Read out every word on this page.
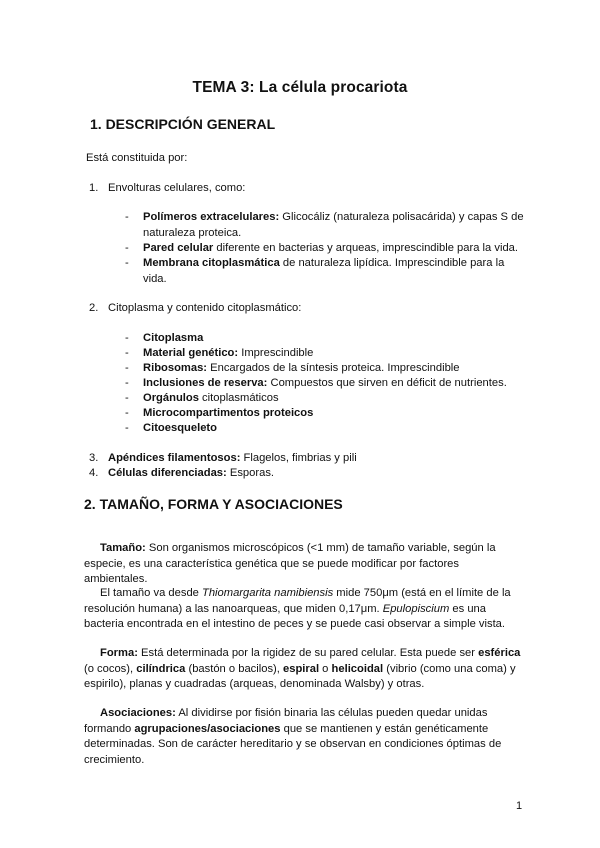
TEMA 3: La célula procariota
1. DESCRIPCIÓN GENERAL

Está constituida por:

1. Envolturas celulares, como:
- Polímeros extracelulares: Glicocáliz (naturaleza polisacárida) y capas S de naturaleza proteica.
- Pared celular diferente en bacterias y arqueas, imprescindible para la vida.
- Membrana citoplasmática de naturaleza lipídica. Imprescindible para la vida.
2. Citoplasma y contenido citoplasmático:
- Citoplasma
- Material genético: Imprescindible
- Ribosomas: Encargados de la síntesis proteica. Imprescindible
- Inclusiones de reserva: Compuestos que sirven en déficit de nutrientes.
- Orgánulos citoplasmáticos
- Microcompartimentos proteicos
- Citoesqueleto
3. Apéndices filamentosos: Flagelos, fimbrias y pili
4. Células diferenciadas: Esporas.
2. TAMAÑO, FORMA Y ASOCIACIONES

Tamaño: Son organismos microscópicos (<1 mm) de tamaño variable, según la especie, es una característica genética que se puede modificar por factores ambientales.

El tamaño va desde Thiomargarita namibiensis mide 750μm (está en el límite de la resolución humana) a las nanoarqueas, que miden 0,17μm. Epulopiscium es una bacteria encontrada en el intestino de peces y se puede casi observar a simple vista.

Forma: Está determinada por la rigidez de su pared celular. Esta puede ser esférica (o cocos), cilíndrica (bastón o bacilos), espiral o helicoidal (vibrio (como una coma) y espirilo), planas y cuadradas (arqueas, denominada Walsby) y otras.

Asociaciones: Al dividirse por fisión binaria las células pueden quedar unidas formando agrupaciones/asociaciones que se mantienen y están genéticamente determinadas. Son de carácter hereditario y se observan en condiciones óptimas de crecimiento.

1
